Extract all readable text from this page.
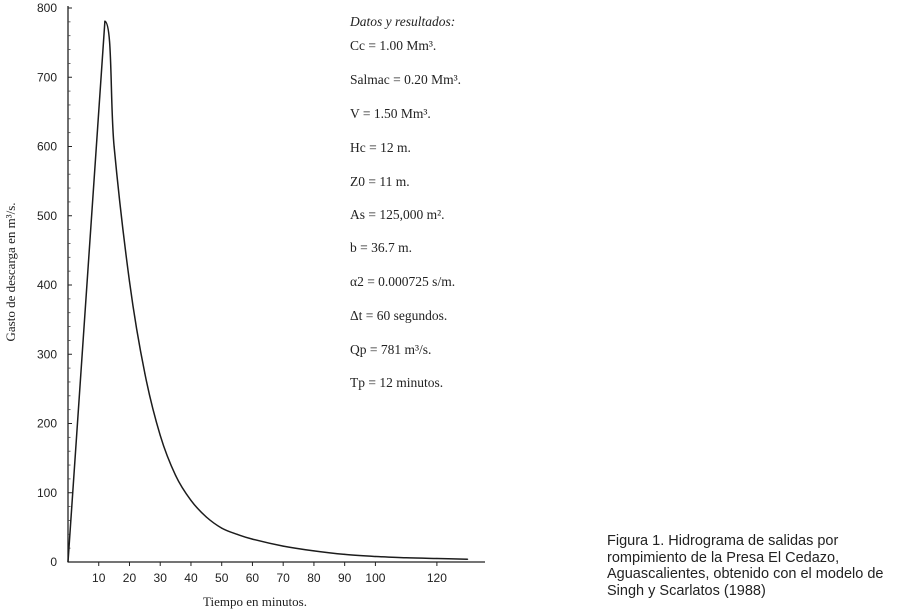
0
100
200
300
400
500
600
700
800
10 20 30 40 50 60 70 80 90 100	120
Tiempo en minutos.
Gasto de descarga en m³/s.
Datos y resultados:
Cc = 1.00 Mm³.
Salmac = 0.20 Mm³.
V = 1.50 Mm³.
Hc = 12 m.
Z0 = 11 m.
As = 125,000 m².
b = 36.7 m.
α2 = 0.000725 s/m.
Δt = 60 segundos.
Qp = 781 m³/s.
Tp = 12 minutos.
Figura 1. Hidrograma de salidas por rompimiento de la Presa El Cedazo, Aguascalientes, obtenido con el modelo de Singh y Scarlatos (1988)
